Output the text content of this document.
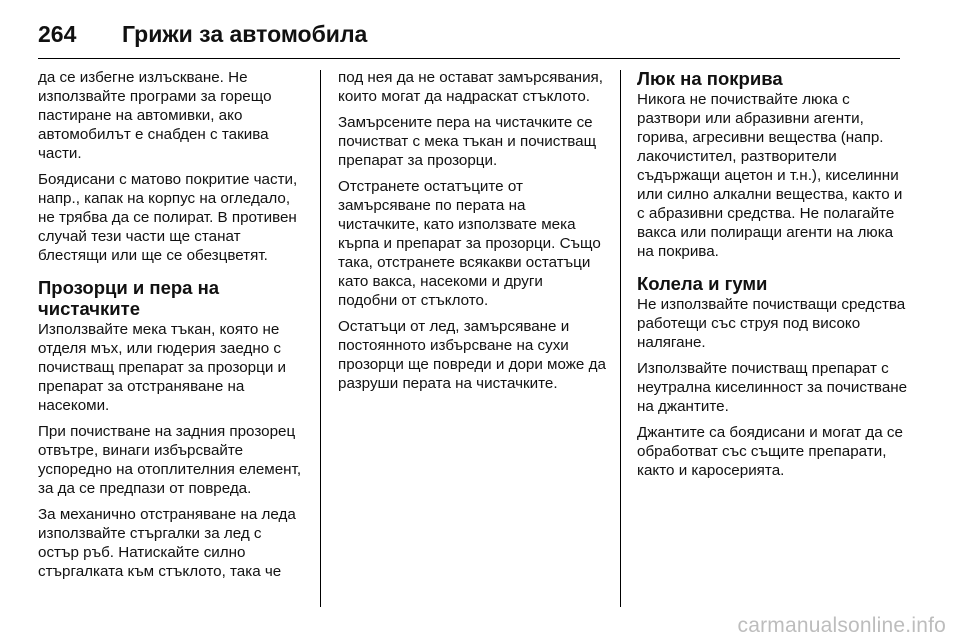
264	Грижи за автомобила

да се избегне излъскване. Не използвайте програми за горещо пастиране на автомивки, ако автомобилът е снабден с такива части.

Боядисани с матово покритие части, напр., капак на корпус на огледало, не трябва да се полират. В противен случай тези части ще станат блестящи или ще се обезцветят.

Прозорци и пера на чистачките

Използвайте мека тъкан, която не отделя мъх, или гюдерия заедно с почистващ препарат за прозорци и препарат за отстраняване на насекоми.

При почистване на задния прозорец отвътре, винаги избърсвайте успоредно на отоплителния елемент, за да се предпази от повреда.

За механично отстраняване на леда използвайте стъргалки за лед с остър ръб. Натискайте силно стъргалката към стъклото, така че

под нея да не остават замърсявания, които могат да надраскат стъклото.

Замърсените пера на чистачките се почистват с мека тъкан и почистващ препарат за прозорци.

Отстранете остатъците от замърсяване по перата на чистачките, като използвате мека кърпа и препарат за прозорци. Също така, отстранете всякакви остатъци като вакса, насекоми и други подобни от стъклото.

Остатъци от лед, замърсяване и постоянното избърсване на сухи прозорци ще повреди и дори може да разруши перата на чистачките.

Люк на покрива

Никога не почиствайте люка с разтвори или абразивни агенти, горива, агресивни вещества (напр. лакочистител, разтворители съдържащи ацетон и т.н.), киселинни или силно алкални вещества, както и с абразивни средства. Не полагайте вакса или полиращи агенти на люка на покрива.

Колела и гуми

Не използвайте почистващи средства работещи със струя под високо налягане.

Използвайте почистващ препарат с неутрална киселинност за почистване на джантите.

Джантите са боядисани и могат да се обработват със същите препарати, както и каросерията.

carmanualsonline.info
